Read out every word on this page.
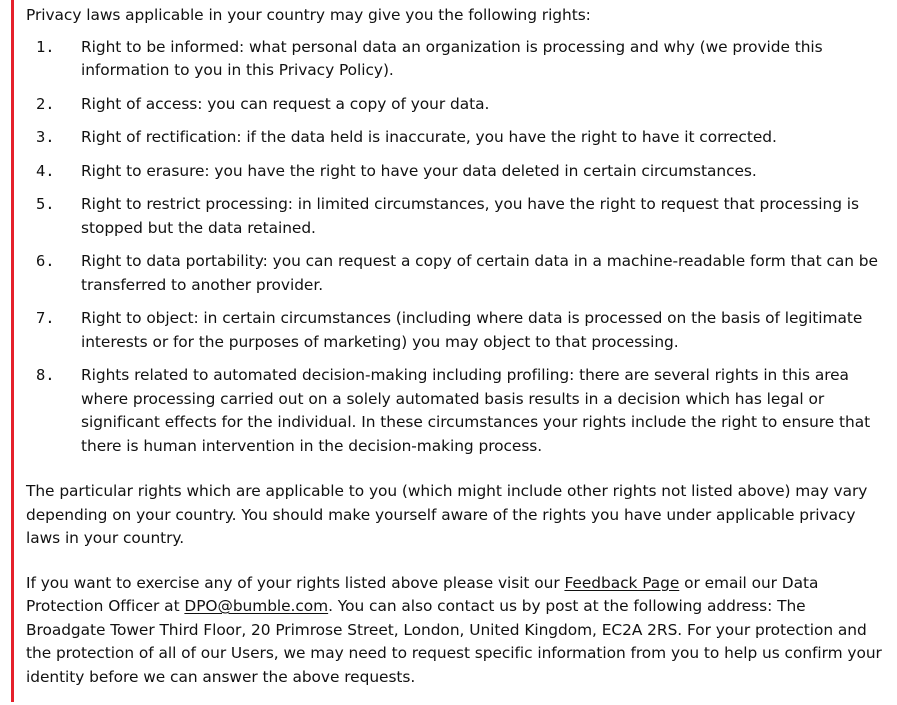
Privacy laws applicable in your country may give you the following rights:

1.	Right to be informed: what personal data an organization is processing and why (we provide this information to you in this Privacy Policy).
2.	Right of access: you can request a copy of your data.
3.	Right of rectification: if the data held is inaccurate, you have the right to have it corrected.
4.	Right to erasure: you have the right to have your data deleted in certain circumstances.
5.	Right to restrict processing: in limited circumstances, you have the right to request that processing is stopped but the data retained.
6.	Right to data portability: you can request a copy of certain data in a machine-readable form that can be transferred to another provider.
7.	Right to object: in certain circumstances (including where data is processed on the basis of legitimate interests or for the purposes of marketing) you may object to that processing.
8.	Rights related to automated decision-making including profiling: there are several rights in this area where processing carried out on a solely automated basis results in a decision which has legal or significant effects for the individual. In these circumstances your rights include the right to ensure that there is human intervention in the decision-making process.

The particular rights which are applicable to you (which might include other rights not listed above) may vary depending on your country. You should make yourself aware of the rights you have under applicable privacy laws in your country.

If you want to exercise any of your rights listed above please visit our Feedback Page or email our Data Protection Officer at DPO@bumble.com. You can also contact us by post at the following address: The Broadgate Tower Third Floor, 20 Primrose Street, London, United Kingdom, EC2A 2RS. For your protection and the protection of all of our Users, we may need to request specific information from you to help us confirm your identity before we can answer the above requests.
